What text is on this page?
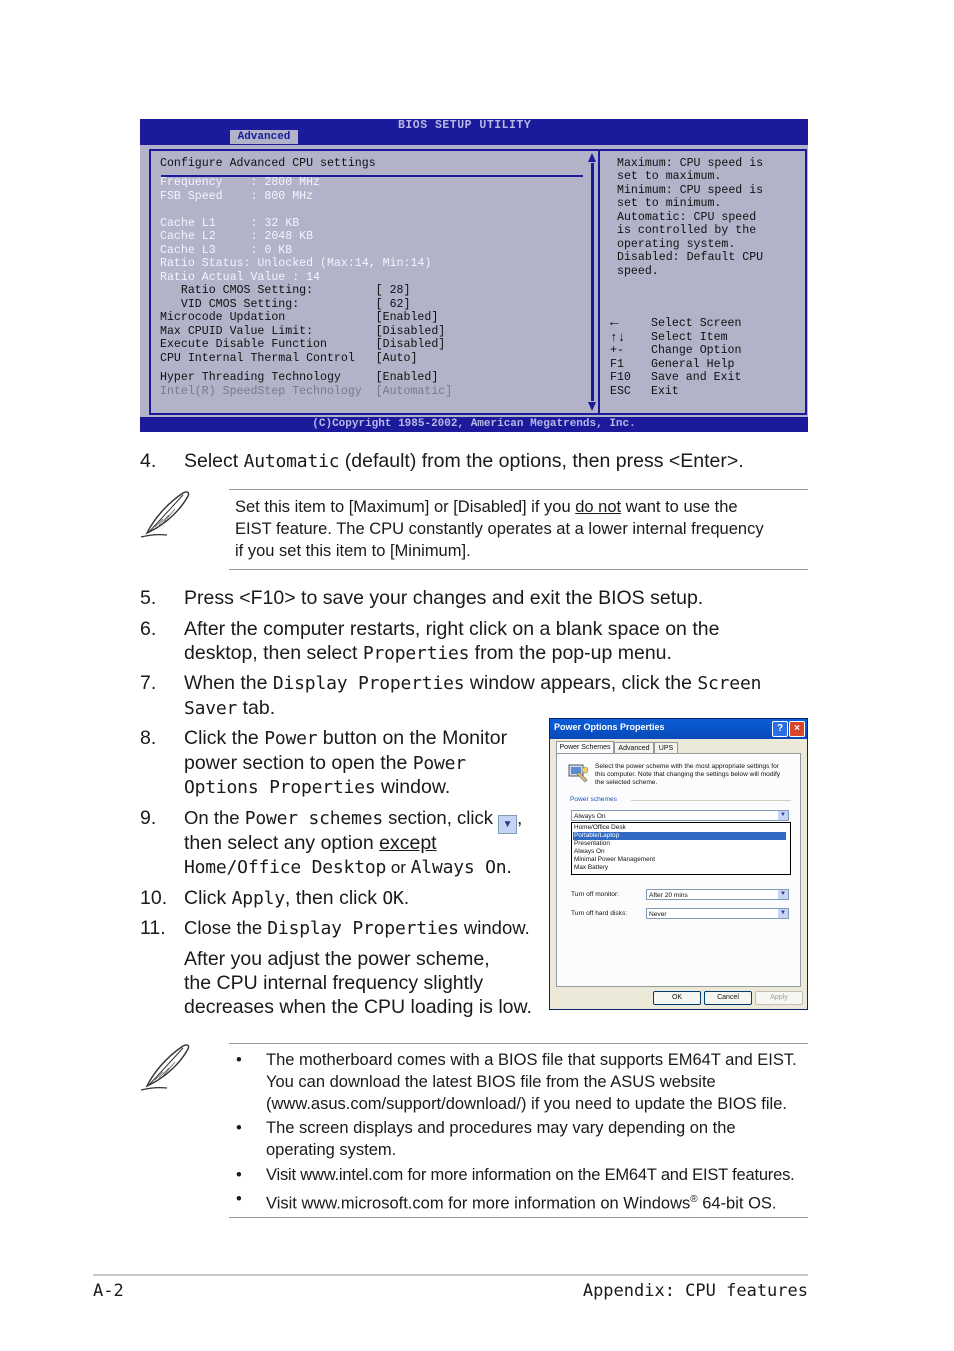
BIOS SETUP UTILITY
Advanced
Configure Advanced CPU settings
Frequency    : 2800 MHz
FSB Speed    : 800 MHz
Cache L1     : 32 KB
Cache L2     : 2048 KB
Cache L3     : 0 KB
Ratio Status: Unlocked (Max:14, Min:14)
Ratio Actual Value : 14
Ratio CMOS Setting:         [ 28]
VID CMOS Setting:           [ 62]
Microcode Updation             [Enabled]
Max CPUID Value Limit:         [Disabled]
Execute Disable Function       [Disabled]
CPU Internal Thermal Control   [Auto]
Hyper Threading Technology     [Enabled]
Intel(R) SpeedStep Technology  [Automatic]
Maximum: CPU speed is
set to maximum.
Minimum: CPU speed is
set to minimum.
Automatic: CPU speed
is controlled by the
operating system.
Disabled: Default CPU
speed.
←	Select Screen
↑↓ Select Item
+- Change Option
F1 General Help
F10 Save and Exit
ESC Exit
(C)Copyright 1985-2002, American Megatrends, Inc.
4. Select Automatic (default) from the options, then press <Enter>.
Set this item to [Maximum] or [Disabled] if you do not want to use the
EIST feature. The CPU constantly operates at a lower internal frequency
if you set this item to [Minimum].
5. Press <F10> to save your changes and exit the BIOS setup.
6. After the computer restarts, right click on a blank space on the
desktop, then select Properties from the pop-up menu.
7. When the Display Properties window appears, click the Screen
Saver tab.
8. Click the Power button on the Monitor
power section to open the Power
Options Properties window.
9. On the Power schemes section, click ▼ ,
then select any option except
Home/Office Desktop or Always On.
10. Click Apply, then click OK.
11. Close the Display Properties window.
After you adjust the power scheme,
the CPU internal frequency slightly
decreases when the CPU loading is low.
Power Options Properties	?	×
Power Schemes	Advanced	UPS
Select the power scheme with the most appropriate settings for
this computer. Note that changing the settings below will modify
the selected scheme.
Power schemes
Always On	▼

Turn off monitor:	After 20 mins	▼
Turn off hard disks:	Never	▼
Home/Office Desk
Portable/Laptop
Presentation
Always On
Minimal Power Management
Max Battery
OK	Cancel	Apply
• The motherboard comes with a BIOS file that supports EM64T and EIST.
You can download the latest BIOS file from the ASUS website
(www.asus.com/support/download/) if you need to update the BIOS file.
• The screen displays and procedures may vary depending on the
operating system.
• Visit www.intel.com for more information on the EM64T and EIST features.
• Visit www.microsoft.com for more information on Windows® 64-bit OS.
A-2	Appendix: CPU features
